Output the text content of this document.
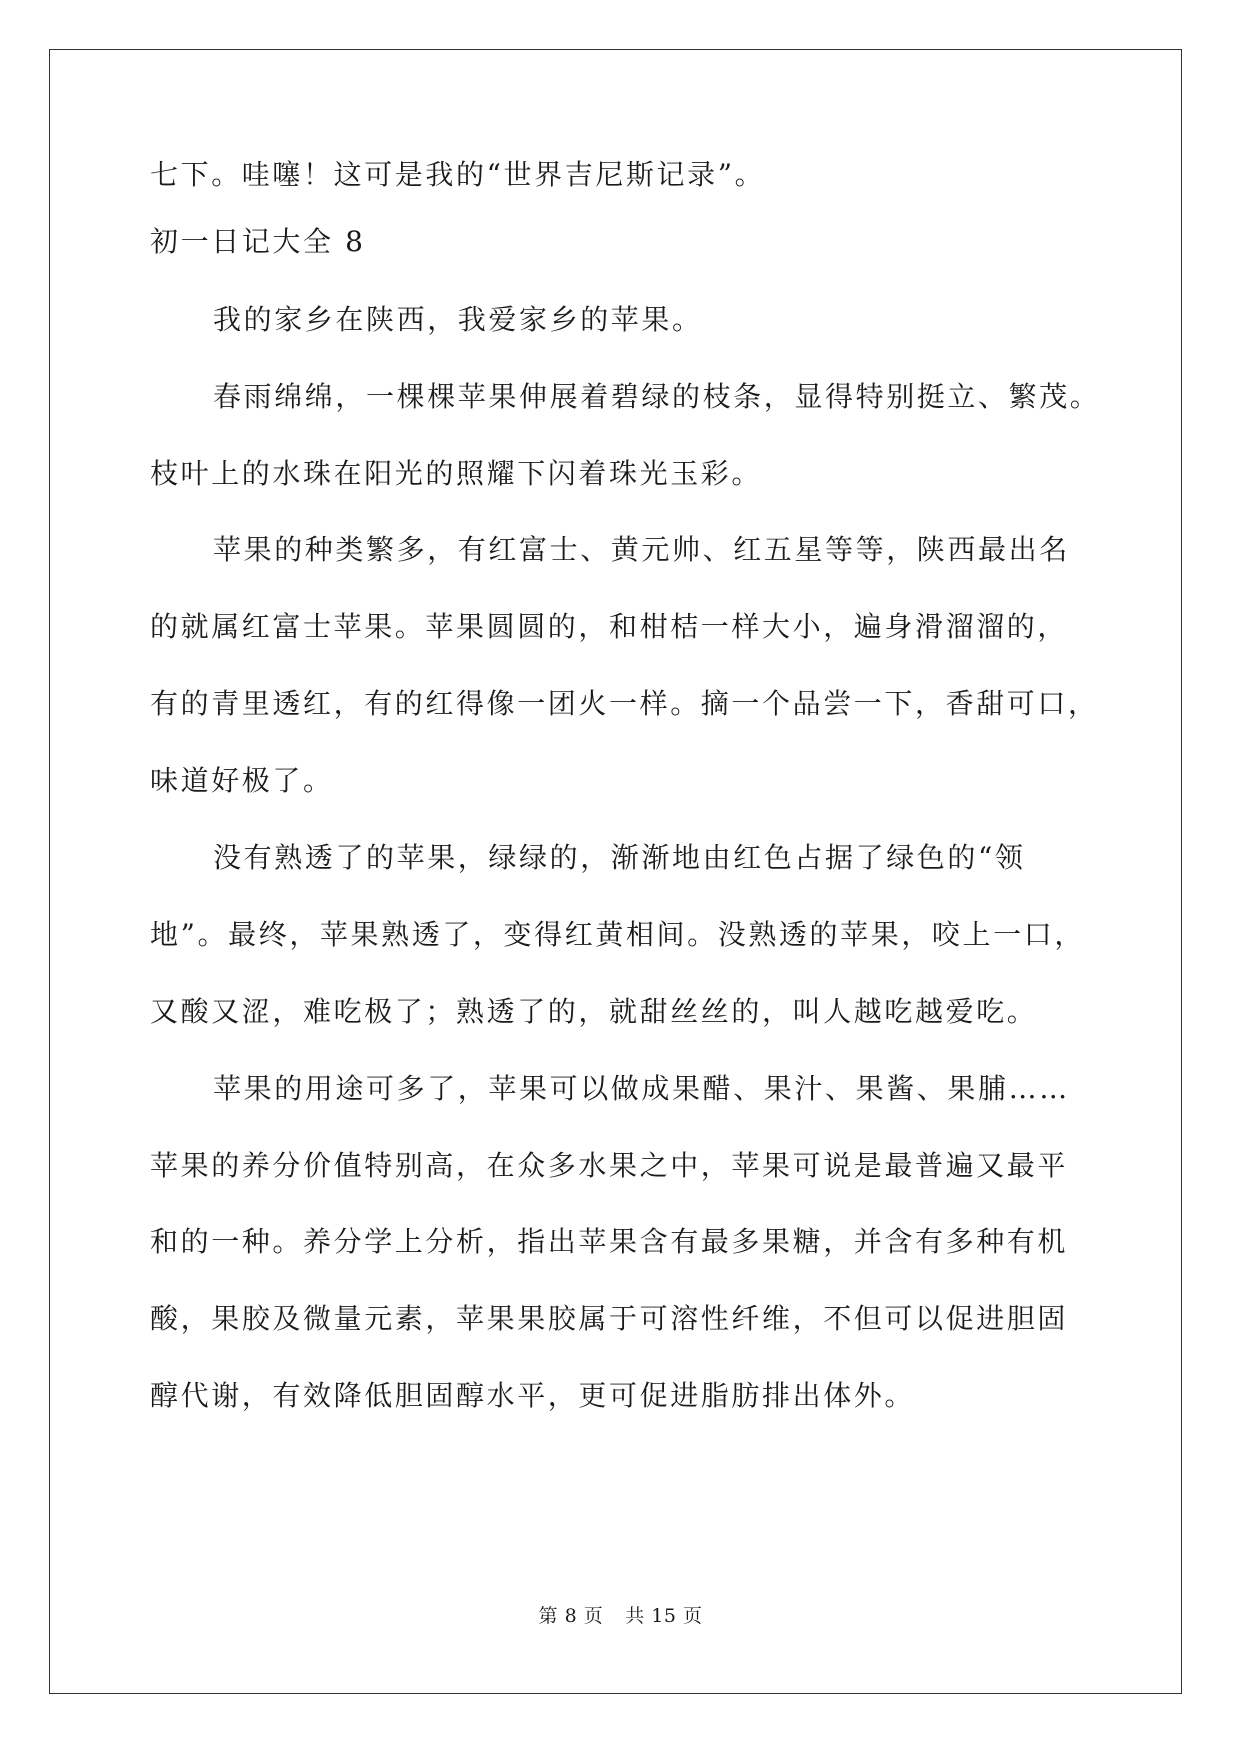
七下。哇噻！这可是我的“世界吉尼斯记录”。
初一日记大全 8
我的家乡在陕西，我爱家乡的苹果。
春雨绵绵，一棵棵苹果伸展着碧绿的枝条，显得特别挺立、繁茂。
枝叶上的水珠在阳光的照耀下闪着珠光玉彩。
苹果的种类繁多，有红富士、黄元帅、红五星等等，陕西最出名
的就属红富士苹果。苹果圆圆的，和柑桔一样大小，遍身滑溜溜的，
有的青里透红，有的红得像一团火一样。摘一个品尝一下，香甜可口，
味道好极了。
没有熟透了的苹果，绿绿的，渐渐地由红色占据了绿色的“领
地”。最终，苹果熟透了，变得红黄相间。没熟透的苹果，咬上一口，
又酸又涩，难吃极了；熟透了的，就甜丝丝的，叫人越吃越爱吃。
苹果的用途可多了，苹果可以做成果醋、果汁、果酱、果脯……
苹果的养分价值特别高，在众多水果之中，苹果可说是最普遍又最平
和的一种。养分学上分析，指出苹果含有最多果糖，并含有多种有机
酸，果胶及微量元素，苹果果胶属于可溶性纤维，不但可以促进胆固
醇代谢，有效降低胆固醇水平，更可促进脂肪排出体外。
第 8 页 共 15 页
